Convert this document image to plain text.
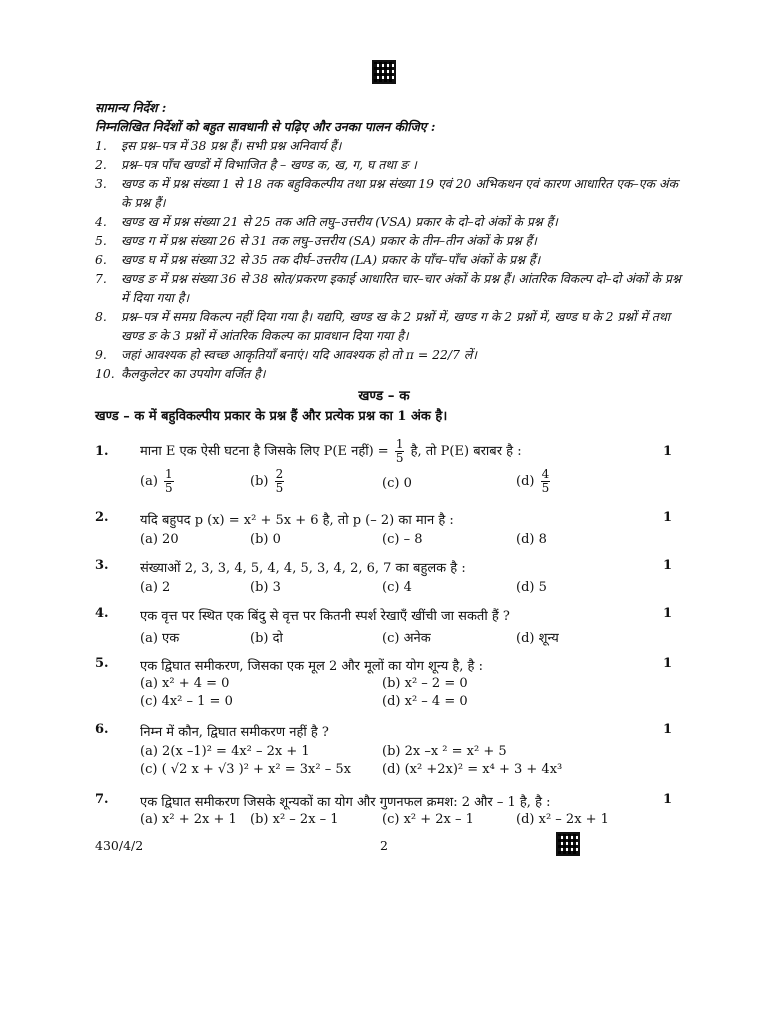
सामान्य निर्देश :
निम्नलिखित निर्देशों को बहुत सावधानी से पढ़िए और उनका पालन कीजिए :
1.	इस प्रश्न–पत्र में 38 प्रश्न हैं। सभी प्रश्न अनिवार्य हैं।
2.	प्रश्न–पत्र पाँच खण्डों में विभाजित है – खण्ड क, ख, ग, घ तथा ङ ।
3.	खण्ड क में प्रश्न संख्या 1 से 18 तक बहुविकल्पीय तथा प्रश्न संख्या 19 एवं 20 अभिकथन एवं कारण आधारित एक–एक अंक के प्रश्न हैं।
4.	खण्ड ख में प्रश्न संख्या 21 से 25 तक अति लघु–उत्तरीय (VSA) प्रकार के दो–दो अंकों के प्रश्न हैं।
5.	खण्ड ग में प्रश्न संख्या 26 से 31 तक लघु–उत्तरीय (SA) प्रकार के तीन–तीन अंकों के प्रश्न हैं।
6.	खण्ड घ में प्रश्न संख्या 32 से 35 तक दीर्घ–उत्तरीय (LA) प्रकार के पाँच–पाँच अंकों के प्रश्न हैं।
7.	खण्ड ङ में प्रश्न संख्या 36 से 38 स्रोत/प्रकरण इकाई आधारित चार–चार अंकों के प्रश्न हैं। आंतरिक विकल्प दो–दो अंकों के प्रश्न में दिया गया है।
8.	प्रश्न–पत्र में समग्र विकल्प नहीं दिया गया है। यद्यपि, खण्ड ख के 2 प्रश्नों में, खण्ड ग के 2 प्रश्नों में, खण्ड घ के 2 प्रश्नों में तथा खण्ड ङ के 3 प्रश्नों में आंतरिक विकल्प का प्रावधान दिया गया है।
9.	जहां आवश्यक हो स्वच्छ आकृतियाँ बनाएं। यदि आवश्यक हो तो π = 22/7 लें।
10. कैलकुलेटर का उपयोग वर्जित है।
खण्ड – क
खण्ड – क में बहुविकल्पीय प्रकार के प्रश्न हैं और प्रत्येक प्रश्न का 1 अंक है।
1. माना E एक ऐसी घटना है जिसके लिए P(E नहीं) = $\frac{1}{5}$ है, तो P(E) बराबर है :	1
$(a) \frac{1}{5}$	$(b) \frac{2}{5}$	(c) 0	$(d) \frac{4}{5}$
2. यदि बहुपद p (x) = x² + 5x + 6 है, तो p (– 2) का मान है :	1
(a) 20	(b) 0	(c) – 8	(d) 8
3. संख्याओं 2, 3, 3, 4, 5, 4, 4, 5, 3, 4, 2, 6, 7 का बहुलक है :	1
(a) 2	(b) 3	(c) 4	(d) 5
4. एक वृत्त पर स्थित एक बिंदु से वृत्त पर कितनी स्पर्श रेखाएँ खींची जा सकती हैं ?	1
(a) एक	(b) दो	(c) अनेक	(d) शून्य
5. एक द्विघात समीकरण, जिसका एक मूल 2 और मूलों का योग शून्य है, है :	1
(a) x² + 4 = 0	(b) x² – 2 = 0
(c) 4x² – 1 = 0	(d) x² – 4 = 0
6. निम्न में कौन, द्विघात समीकरण नहीं है ?	1
(a) 2(x –1)² = 4x² – 2x + 1	(b) 2x –x ² = x² + 5
(c) ( √2 x + √3 )² + x² = 3x² – 5x (d) (x² +2x)² = x⁴ + 3 + 4x³
7. एक द्विघात समीकरण जिसके शून्यकों का योग और गुणनफल क्रमश: 2 और – 1 है, है :	1
(a) x² + 2x + 1 (b) x² – 2x – 1	(c) x² + 2x – 1	(d) x² – 2x + 1
430/4/2	2
